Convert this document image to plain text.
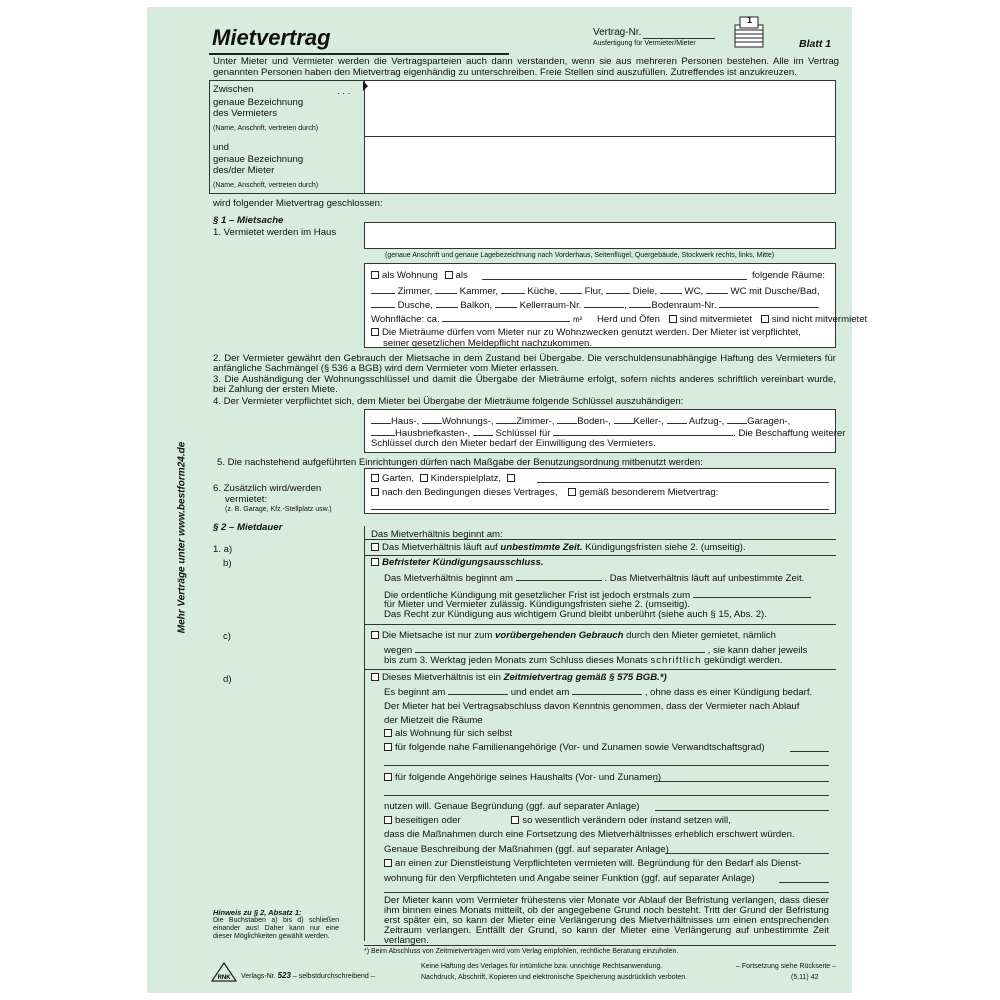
Mietvertrag	Vertrag-Nr.
Ausfertigung für Vermieter/Mieter
1
Blatt 1
Unter Mieter und Vermieter werden die Vertragsparteien auch dann verstanden, wenn sie aus mehreren Personen bestehen. Alle im Vertrag genannten Personen haben den Mietvertrag eigenhändig zu unterschreiben. Freie Stellen sind auszufüllen. Zutreffendes ist anzukreuzen.
Zwischen	. . .
genaue Bezeichnung
des Vermieters
(Name, Anschrift, vertreten durch)
und
genaue Bezeichnung
des/der Mieter
(Name, Anschrift, vertreten durch)
wird folgender Mietvertrag geschlossen:
§ 1 – Mietsache
1. Vermietet werden im Haus
(genaue Anschrift und genaue Lagebezeichnung nach Vorderhaus, Seitenflügel, Quergebäude, Stockwerk rechts, links, Mitte)
als Wohnung als	folgende Räume:
Zimmer,	Kammer,	Küche,	Flur,	Diele,	WC,	WC mit Dusche/Bad,
Dusche,	Balkon,	Kellerraum-Nr.	,	Bodenraum-Nr.
Wohnfläche: ca.	m² Herd und Öfen sind mitvermietet sind nicht mitvermietet
Die Mieträume dürfen vom Mieter nur zu Wohnzwecken genutzt werden. Der Mieter ist verpflichtet,
seiner gesetzlichen Meldepflicht nachzukommen.
2. Der Vermieter gewährt den Gebrauch der Mietsache in dem Zustand bei Übergabe. Die verschuldensunabhängige Haftung des Vermieters für anfängliche Sachmängel (§ 536 a BGB) wird dem Vermieter vom Mieter erlassen.
3. Die Aushändigung der Wohnungsschlüssel und damit die Übergabe der Mieträume erfolgt, sofern nichts anderes schriftlich vereinbart wurde, bei Zahlung der ersten Miete.
4. Der Vermieter verpflichtet sich, dem Mieter bei Übergabe der Mieträume folgende Schlüssel auszuhändigen:
Haus-, Wohnungs-, Zimmer-, Boden-, Keller-,	Aufzug-, Garagen-,
Hausbriefkasten-,	Schlüssel für	. Die Beschaffung weiterer
Schlüssel durch den Mieter bedarf der Einwilligung des Vermieters.
5. Die nachstehend aufgeführten Einrichtungen dürfen nach Maßgabe der Benutzungsordnung mitbenutzt werden:
Garten, Kinderspielplatz,
nach den Bedingungen dieses Vertrages, gemäß besonderem Mietvertrag:
6. Zusätzlich wird/werden
vermietet:
(z. B. Garage, Kfz.-Stellplatz usw.)
§ 2 – Mietdauer
Das Mietverhältnis beginnt am:
1. a)	Das Mietverhältnis läuft auf unbestimmte Zeit. Kündigungsfristen siehe 2. (umseitig).
b)	Befristeter Kündigungsausschluss.
Das Mietverhältnis beginnt am	. Das Mietverhältnis läuft auf unbestimmte Zeit.
Die ordentliche Kündigung mit gesetzlicher Frist ist jedoch erstmals zum
für Mieter und Vermieter zulässig. Kündigungsfristen siehe 2. (umseitig).
Das Recht zur Kündigung aus wichtigem Grund bleibt unberührt (siehe auch § 15, Abs. 2).
c)	Die Mietsache ist nur zum vorübergehenden Gebrauch durch den Mieter gemietet, nämlich
wegen	, sie kann daher jeweils
bis zum 3. Werktag jeden Monats zum Schluss dieses Monats schriftlich gekündigt werden.
d)	Dieses Mietverhältnis ist ein Zeitmietvertrag gemäß § 575 BGB.*)
Es beginnt am	und endet am	, ohne dass es einer Kündigung bedarf.
Der Mieter hat bei Vertragsabschluss davon Kenntnis genommen, dass der Vermieter nach Ablauf
der Mietzeit die Räume
als Wohnung für sich selbst
für folgende nahe Familienangehörige (Vor- und Zunamen sowie Verwandtschaftsgrad)
für folgende Angehörige seines Haushalts (Vor- und Zunamen)
nutzen will. Genaue Begründung (ggf. auf separater Anlage)
beseitigen oder	so wesentlich verändern oder instand setzen will,
dass die Maßnahmen durch eine Fortsetzung des Mietverhältnisses erheblich erschwert würden.
Genaue Beschreibung der Maßnahmen (ggf. auf separater Anlage)
an einen zur Dienstleistung Verpflichteten vermieten will. Begründung für den Bedarf als Dienst-
wohnung für den Verpflichteten und Angabe seiner Funktion (ggf. auf separater Anlage)
Der Mieter kann vom Vermieter frühestens vier Monate vor Ablauf der Befristung verlangen, dass dieser ihm binnen eines Monats mitteilt, ob der angegebene Grund noch besteht. Tritt der Grund der Befristung erst später ein, so kann der Mieter eine Verlängerung des Mietverhältnisses um einen entsprechenden Zeitraum verlangen. Entfällt der Grund, so kann der Mieter eine Verlängerung auf unbestimmte Zeit verlangen.
Hinweis zu § 2, Absatz 1:
Die Buchstaben a) bis d) schließen einander aus! Daher kann nur eine dieser Möglichkeiten gewählt werden.
Mehr Verträge unter www.bestform24.de
*) Beim Abschluss von Zeitmietverträgen wird vom Verlag empfohlen, rechtliche Beratung einzuholen.
RNK Verlags-Nr. 523 – selbstdurchschreibend –
Keine Haftung des Verlages für irrtümliche bzw. unrichtige Rechtsanwendung.
Nachdruck, Abschrift, Kopieren und elektronische Speicherung ausdrücklich verboten.
– Fortsetzung siehe Rückseite –
(5.11) 42
